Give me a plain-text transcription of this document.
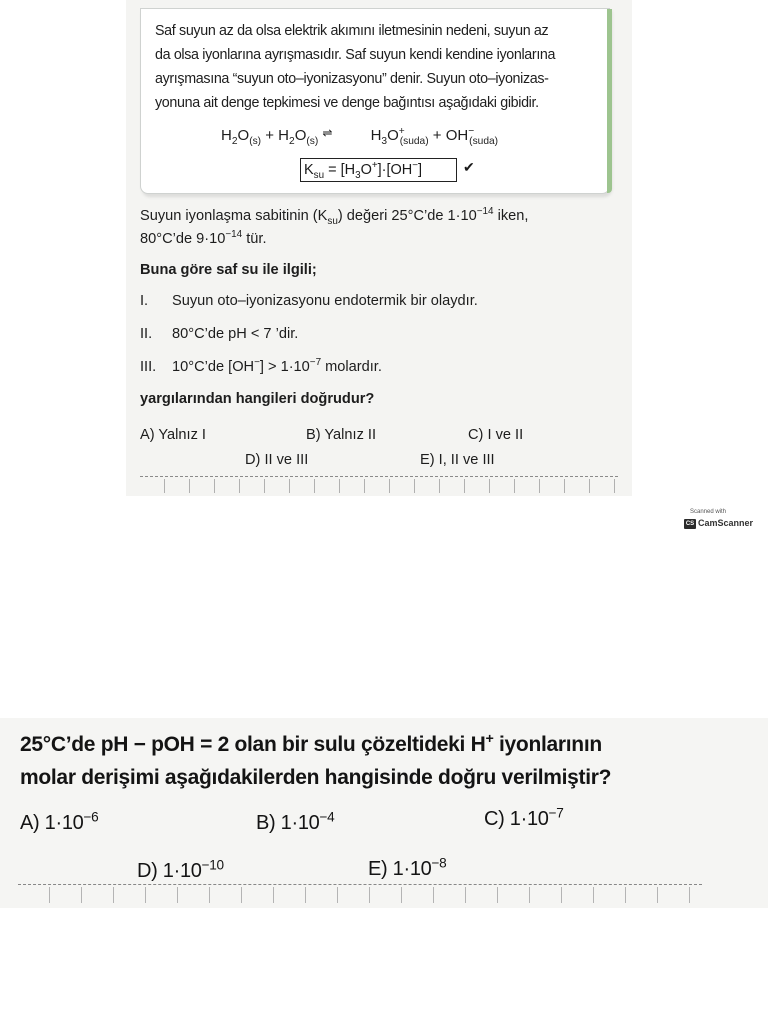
Saf suyun az da olsa elektrik akımını iletmesinin nedeni, suyun az
da olsa iyonlarına ayrışmasıdır. Saf suyun kendi kendine iyonlarına
ayrışmasına “suyun oto–iyonizasyonu” denir. Suyun oto–iyonizas-
yonuna ait denge tepkimesi ve denge bağıntısı aşağıdaki gibidir.
$H_2O_{(s)} + H_2O_{(s)}$ ⇌ $H_3O^+_{(suda)} + OH^-_{(suda)}$
$K_{su} = [H_3O^+]\cdot[OH^-]$	✔
Suyun iyonlaşma sabitinin $(K_{su})$ değeri 25°C’de $1\cdot 10^{-14}$ iken,
80°C’de $9\cdot 10^{-14}$ tür.
Buna göre saf su ile ilgili;
I. Suyun oto–iyonizasyonu endotermik bir olaydır.
II. 80°C’de pH < 7 ’dir.
III. 10°C’de $[OH^-] > 1\cdot 10^{-7}$ molardır.
yargılarından hangileri doğrudur?
A) Yalnız I	B) Yalnız II	C) I ve II
D) II ve III	E) I, II ve III
Scanned with
CS CamScanner
25°C’de pH − pOH = 2 olan bir sulu çözeltideki H+ iyonlarının
molar derişimi aşağıdakilerden hangisinde doğru verilmiştir?
A) $1\cdot 10^{-6}$	B) $1\cdot 10^{-4}$	C) $1\cdot 10^{-7}$
D) $1\cdot 10^{-10}$	E) $1\cdot 10^{-8}$
